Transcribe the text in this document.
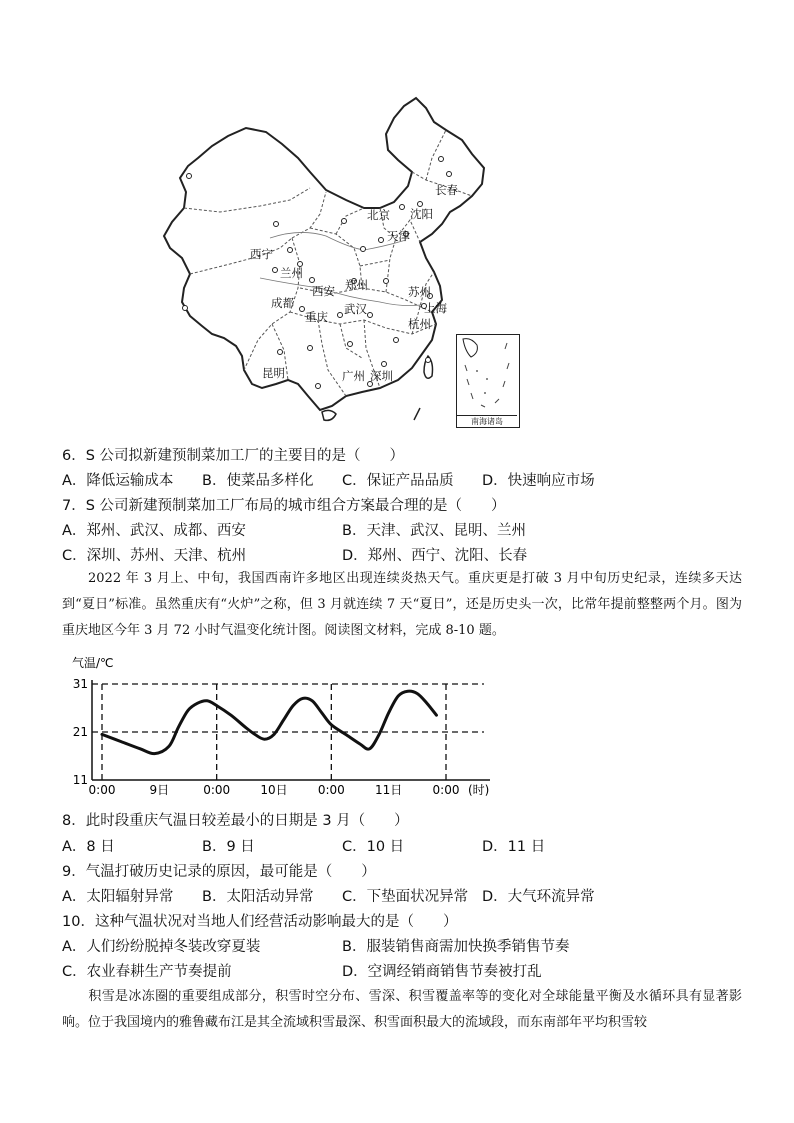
北京 沈阳
长春
天津
西宁
兰州
西安 郑州	苏州
上海
成都
重庆
武汉
杭州
昆明	广州 深圳
南海诸岛
6．S 公司拟新建预制菜加工厂的主要目的是（　　）
A．降低运输成本 B．使菜品多样化 C．保证产品品质 D．快速响应市场
7．S 公司新建预制菜加工厂布局的城市组合方案最合理的是（　　）
A．郑州、武汉、成都、西安	B．天津、武汉、昆明、兰州
C．深圳、苏州、天津、杭州	D．郑州、西宁、沈阳、长春
2022 年 3 月上、中旬，我国西南许多地区出现连续炎热天气。重庆更是打破 3 月中旬历史纪录，连续多天达到“夏日”标准。虽然重庆有“火炉”之称，但 3 月就连续 7 天“夏日”，还是历史头一次，比常年提前整整两个月。图为重庆地区今年 3 月 72 小时气温变化统计图。阅读图文材料，完成 8-10 题。
气温/℃
31
21
11
0:00	9日	0:00	10日	0:00	11日	0:00 (时)
8．此时段重庆气温日较差最小的日期是 3 月（　　）
A．8 日	B．9 日	C．10 日	D．11 日
9．气温打破历史记录的原因，最可能是（　　）
A．太阳辐射异常 B．太阳活动异常 C．下垫面状况异常 D．大气环流异常
10．这种气温状况对当地人们经营活动影响最大的是（　　）
A．人们纷纷脱掉冬装改穿夏装	B．服装销售商需加快换季销售节奏
C．农业春耕生产节奏提前	D．空调经销商销售节奏被打乱
积雪是冰冻圈的重要组成部分，积雪时空分布、雪深、积雪覆盖率等的变化对全球能量平衡及水循环具有显著影响。位于我国境内的雅鲁藏布江是其全流域积雪最深、积雪面积最大的流域段，而东南部年平均积雪较
